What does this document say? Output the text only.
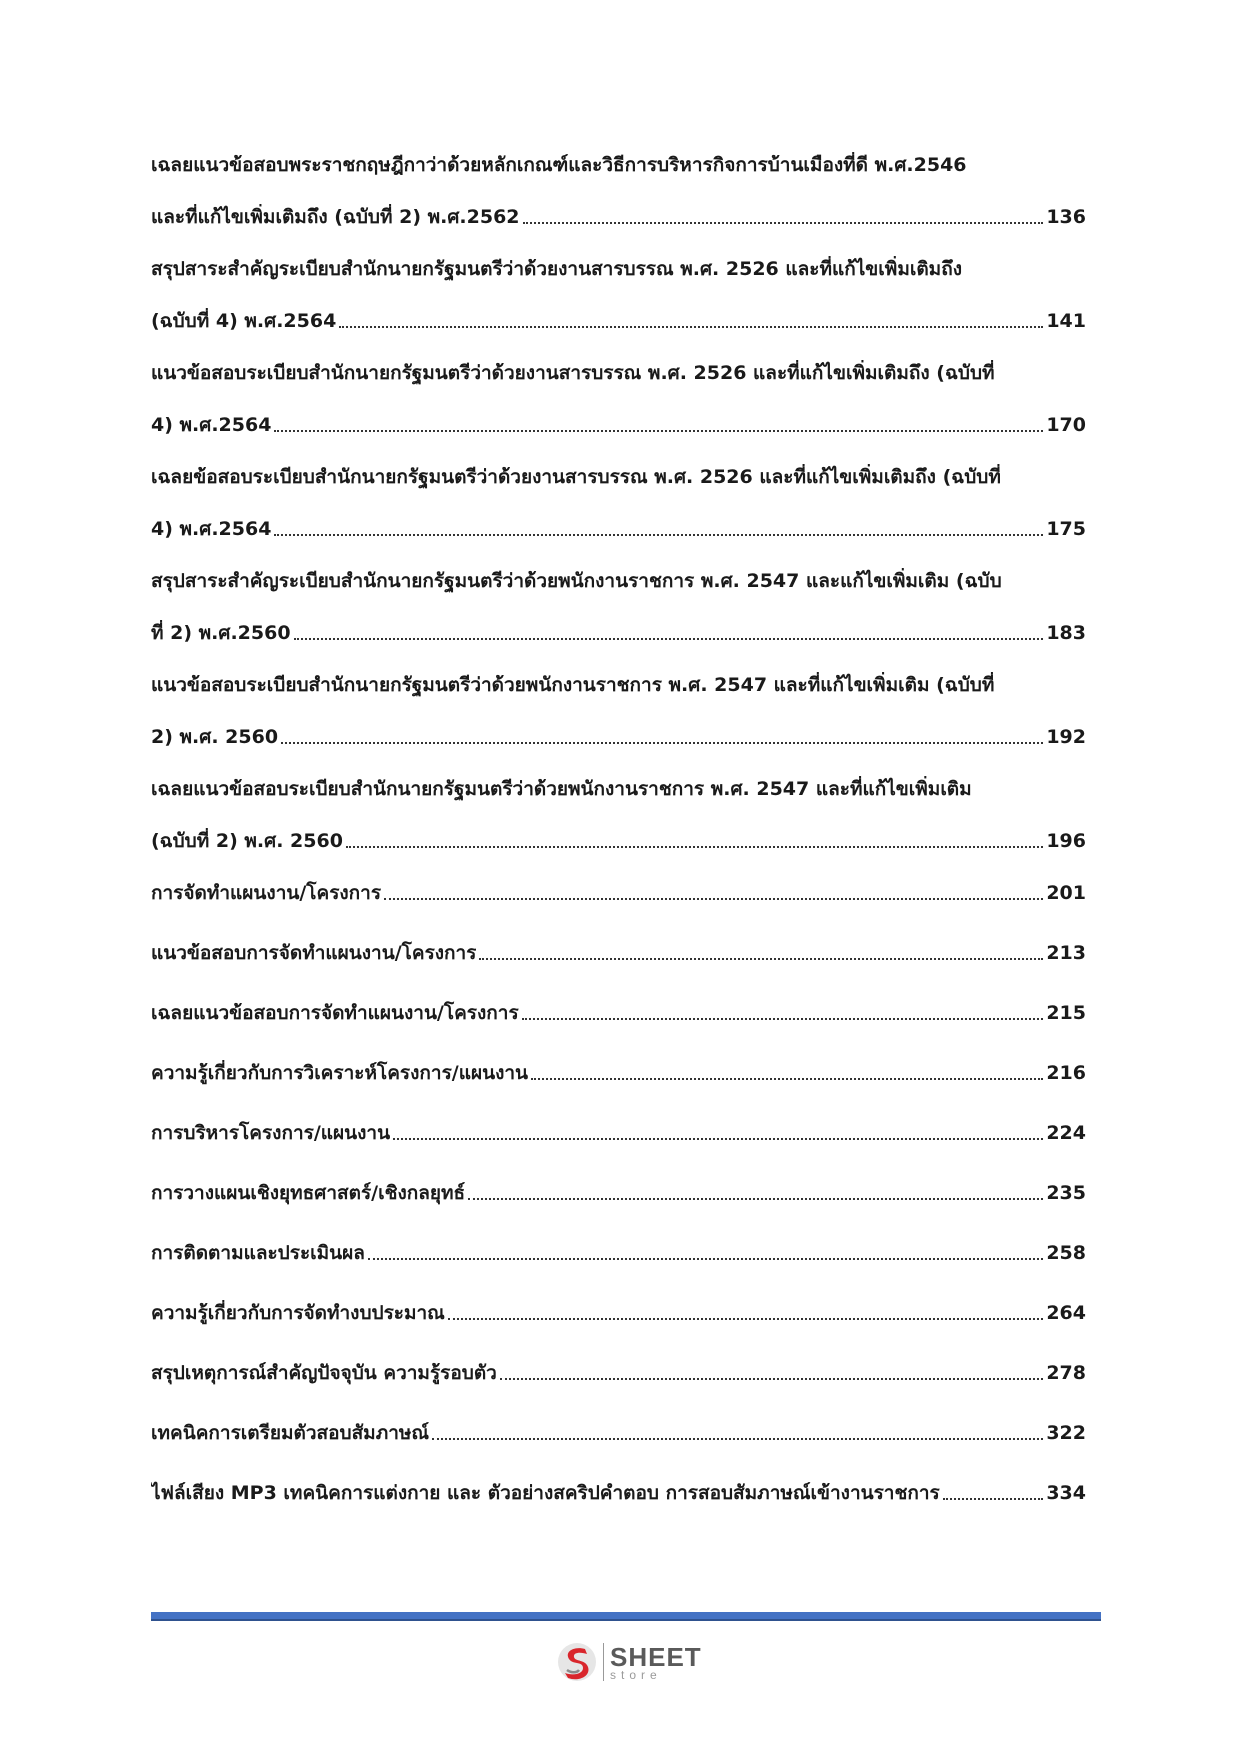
เฉลยแนวข้อสอบพระราชกฤษฎีกาว่าด้วยหลักเกณฑ์และวิธีการบริหารกิจการบ้านเมืองที่ดี พ.ศ.2546
และที่แก้ไขเพิ่มเติมถึง (ฉบับที่ 2) พ.ศ.2562	136
สรุปสาระสำคัญระเบียบสำนักนายกรัฐมนตรีว่าด้วยงานสารบรรณ พ.ศ. 2526 และที่แก้ไขเพิ่มเติมถึง
(ฉบับที่ 4) พ.ศ.2564	141
แนวข้อสอบระเบียบสำนักนายกรัฐมนตรีว่าด้วยงานสารบรรณ พ.ศ. 2526 และที่แก้ไขเพิ่มเติมถึง (ฉบับที่
4) พ.ศ.2564	170
เฉลยข้อสอบระเบียบสำนักนายกรัฐมนตรีว่าด้วยงานสารบรรณ พ.ศ. 2526 และที่แก้ไขเพิ่มเติมถึง (ฉบับที่
4) พ.ศ.2564	175
สรุปสาระสำคัญระเบียบสำนักนายกรัฐมนตรีว่าด้วยพนักงานราชการ พ.ศ. 2547 และแก้ไขเพิ่มเติม (ฉบับ
ที่ 2) พ.ศ.2560	183
แนวข้อสอบระเบียบสำนักนายกรัฐมนตรีว่าด้วยพนักงานราชการ พ.ศ. 2547 และที่แก้ไขเพิ่มเติม (ฉบับที่
2) พ.ศ. 2560	192
เฉลยแนวข้อสอบระเบียบสำนักนายกรัฐมนตรีว่าด้วยพนักงานราชการ พ.ศ. 2547 และที่แก้ไขเพิ่มเติม
(ฉบับที่ 2) พ.ศ. 2560	196
การจัดทำแผนงาน/โครงการ	201
แนวข้อสอบการจัดทำแผนงาน/โครงการ	213
เฉลยแนวข้อสอบการจัดทำแผนงาน/โครงการ	215
ความรู้เกี่ยวกับการวิเคราะห์โครงการ/แผนงาน	216
การบริหารโครงการ/แผนงาน	224
การวางแผนเชิงยุทธศาสตร์/เชิงกลยุทธ์	235
การติดตามและประเมินผล	258
ความรู้เกี่ยวกับการจัดทำงบประมาณ	264
สรุปเหตุการณ์สำคัญปัจจุบัน ความรู้รอบตัว	278
เทคนิคการเตรียมตัวสอบสัมภาษณ์	322
ไฟล์เสียง MP3 เทคนิคการแต่งกาย และ ตัวอย่างสคริปคำตอบ การสอบสัมภาษณ์เข้างานราชการ	334
SHEET
store
